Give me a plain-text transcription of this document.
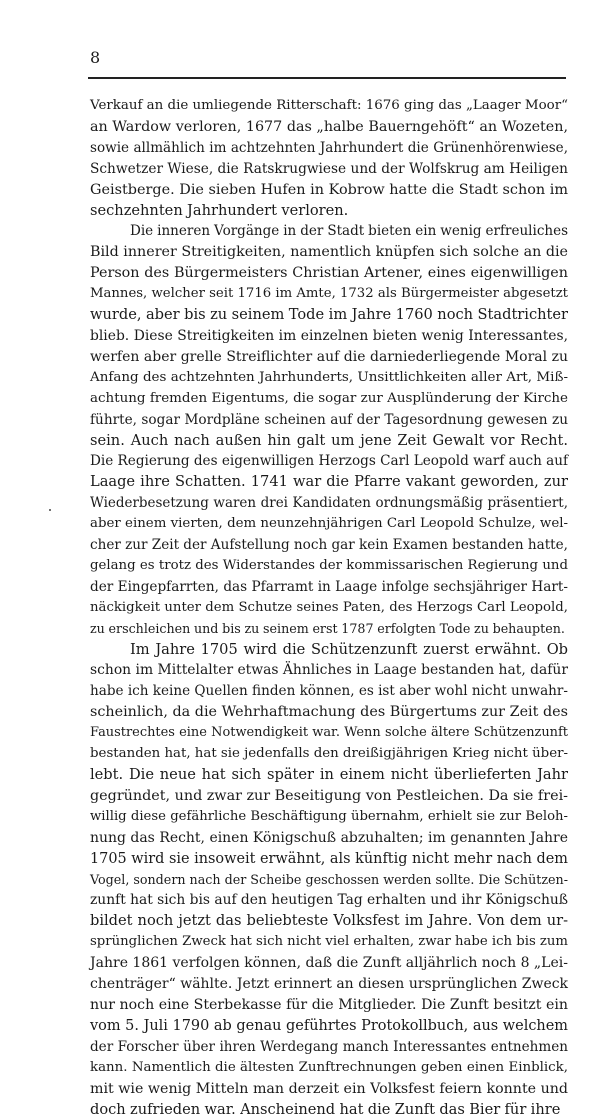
8
Verkauf an die umliegende Ritterschaft: 1676 ging das „Laager Moor“
an Wardow verloren, 1677 das „halbe Bauerngehöft“ an Wozeten,
sowie allmählich im achtzehnten Jahrhundert die Grünenhörenwiese,
Schwetzer Wiese, die Ratskrugwiese und der Wolfskrug am Heiligen
Geistberge. Die sieben Hufen in Kobrow hatte die Stadt schon im
sechzehnten Jahrhundert verloren.
Die inneren Vorgänge in der Stadt bieten ein wenig erfreuliches
Bild innerer Streitigkeiten, namentlich knüpfen sich solche an die
Person des Bürgermeisters Christian Artener, eines eigenwilligen
Mannes, welcher seit 1716 im Amte, 1732 als Bürgermeister abgesetzt
wurde, aber bis zu seinem Tode im Jahre 1760 noch Stadtrichter
blieb. Diese Streitigkeiten im einzelnen bieten wenig Interessantes,
werfen aber grelle Streiflichter auf die darniederliegende Moral zu
Anfang des achtzehnten Jahrhunderts, Unsittlichkeiten aller Art, Miß-
achtung fremden Eigentums, die sogar zur Ausplünderung der Kirche
führte, sogar Mordpläne scheinen auf der Tagesordnung gewesen zu
sein. Auch nach außen hin galt um jene Zeit Gewalt vor Recht.
Die Regierung des eigenwilligen Herzogs Carl Leopold warf auch auf
Laage ihre Schatten. 1741 war die Pfarre vakant geworden, zur
Wiederbesetzung waren drei Kandidaten ordnungsmäßig präsentiert,
aber einem vierten, dem neunzehnjährigen Carl Leopold Schulze, wel-
cher zur Zeit der Aufstellung noch gar kein Examen bestanden hatte,
gelang es trotz des Widerstandes der kommissarischen Regierung und
der Eingepfarrten, das Pfarramt in Laage infolge sechsjähriger Hart-
näckigkeit unter dem Schutze seines Paten, des Herzogs Carl Leopold,
zu erschleichen und bis zu seinem erst 1787 erfolgten Tode zu behaupten.
Im Jahre 1705 wird die Schützenzunft zuerst erwähnt. Ob
schon im Mittelalter etwas Ähnliches in Laage bestanden hat, dafür
habe ich keine Quellen finden können, es ist aber wohl nicht unwahr-
scheinlich, da die Wehrhaftmachung des Bürgertums zur Zeit des
Faustrechtes eine Notwendigkeit war. Wenn solche ältere Schützenzunft
bestanden hat, hat sie jedenfalls den dreißigjährigen Krieg nicht über-
lebt. Die neue hat sich später in einem nicht überlieferten Jahr
gegründet, und zwar zur Beseitigung von Pestleichen. Da sie frei-
willig diese gefährliche Beschäftigung übernahm, erhielt sie zur Beloh-
nung das Recht, einen Königschuß abzuhalten; im genannten Jahre
1705 wird sie insoweit erwähnt, als künftig nicht mehr nach dem
Vogel, sondern nach der Scheibe geschossen werden sollte. Die Schützen-
zunft hat sich bis auf den heutigen Tag erhalten und ihr Königschuß
bildet noch jetzt das beliebteste Volksfest im Jahre. Von dem ur-
sprünglichen Zweck hat sich nicht viel erhalten, zwar habe ich bis zum
Jahre 1861 verfolgen können, daß die Zunft alljährlich noch 8 „Lei-
chenträger“ wählte. Jetzt erinnert an diesen ursprünglichen Zweck
nur noch eine Sterbekasse für die Mitglieder. Die Zunft besitzt ein
vom 5. Juli 1790 ab genau geführtes Protokollbuch, aus welchem
der Forscher über ihren Werdegang manch Interessantes entnehmen
kann. Namentlich die ältesten Zunftrechnungen geben einen Einblick,
mit wie wenig Mitteln man derzeit ein Volksfest feiern konnte und
doch zufrieden war. Anscheinend hat die Zunft das Bier für ihre
